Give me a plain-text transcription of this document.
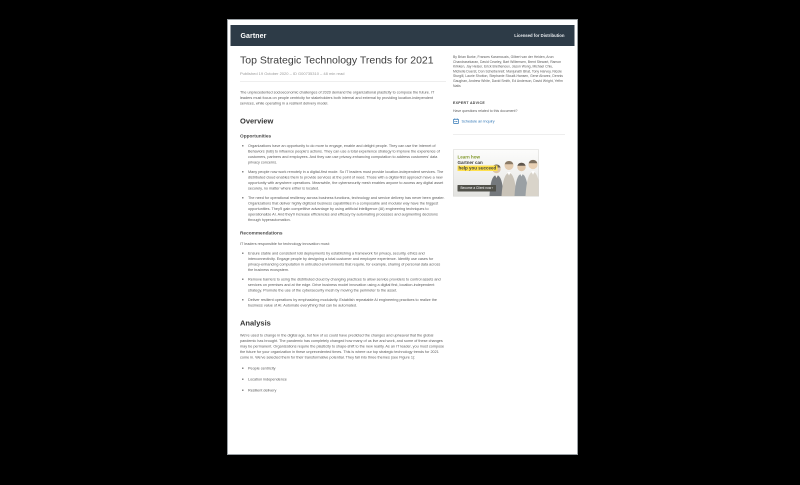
Gartner	Licensed for Distribution
Top Strategic Technology Trends for 2021
Published 19 October 2020 – ID G00735310 – 48 min read

The unprecedented socioeconomic challenges of 2020 demand the organizational plasticity to compose the future. IT leaders must focus on people centricity for stakeholders both internal and external by providing location-independent services, while operating in a resilient delivery model.

Overview
Opportunities
Organizations have an opportunity to do more to engage, enable and delight people. They can use the Internet of Behaviors (IoB) to influence people's actions. They can use a total experience strategy to improve the experience of customers, partners and employees. And they can use privacy-enhancing computation to address customers' data privacy concerns.
Many people now work remotely in a digital-first mode. So IT leaders must provide location-independent services. The distributed cloud enables them to provide services at the point of need. Those with a digital-first approach have a new opportunity with anywhere operations. Meanwhile, the cybersecurity mesh enables anyone to access any digital asset securely, no matter where either is located.
The need for operational resiliency across business functions, technology and service delivery has never been greater. Organizations that deliver highly digitized business capabilities in a composable and modular way have the biggest opportunities. They'll gain competitive advantage by using artificial intelligence (AI) engineering techniques to operationalize AI. And they'll increase efficiencies and efficacy by automating processes and augmenting decisions through hyperautomation.
Recommendations

IT leaders responsible for technology innovation must:

Ensure stable and consistent IoB deployments by establishing a framework for privacy, security, ethics and interconnectivity. Engage people by designing a total customer and employee experience. Identify use cases for privacy-enhancing computation in untrusted environments that require, for example, sharing of personal data across the business ecosystem.
Remove barriers to using the distributed cloud by changing practices to allow service providers to control assets and services on premises and at the edge. Drive business model innovation using a digital first, location-independent strategy. Promote the use of the cybersecurity mesh by moving the perimeter to the asset.
Deliver resilient operations by emphasizing modularity. Establish repeatable AI engineering practices to realize the business value of AI. Automate everything that can be automated.
Analysis

We're used to change in the digital age, but few of us could have predicted the changes and upheaval that the global pandemic has brought. The pandemic has completely changed how many of us live and work, and some of these changes may be permanent. Organizations require the plasticity to shape-shift to the new reality. As an IT leader, you must compose the future for your organization in these unprecedented times. This is where our top strategic technology trends for 2021 come in. We've selected them for their transformative potential. They fall into three themes (see Figure 1):

People centricity
Location independence
Resilient delivery

By Brian Burke, Frances Karamouzis, Gilbert van der Heiden, Arun Chandrasekaran, David Cearley, Bart Willemsen, Brent Stewart, Ramon Krikken, Jay Heiser, Erick Brethenoux, Jason Wong, Michael Chiu, Michelle Duerst, Don Scheibenreif, Manjunath Bhat, Tony Harvey, Nicole Sturgill, Laurie Shotton, Stephanie Stoudt-Hansen, Gene Alvarez, Dennis Gaughan, Andrew White, David Smith, Ed Anderson, David Wright, Yefim Natis

EXPERT ADVICE
Have questions related to this document?
Schedule an Inquiry
Learn how
Gartner can
help you succeed
Become a Client now ›
